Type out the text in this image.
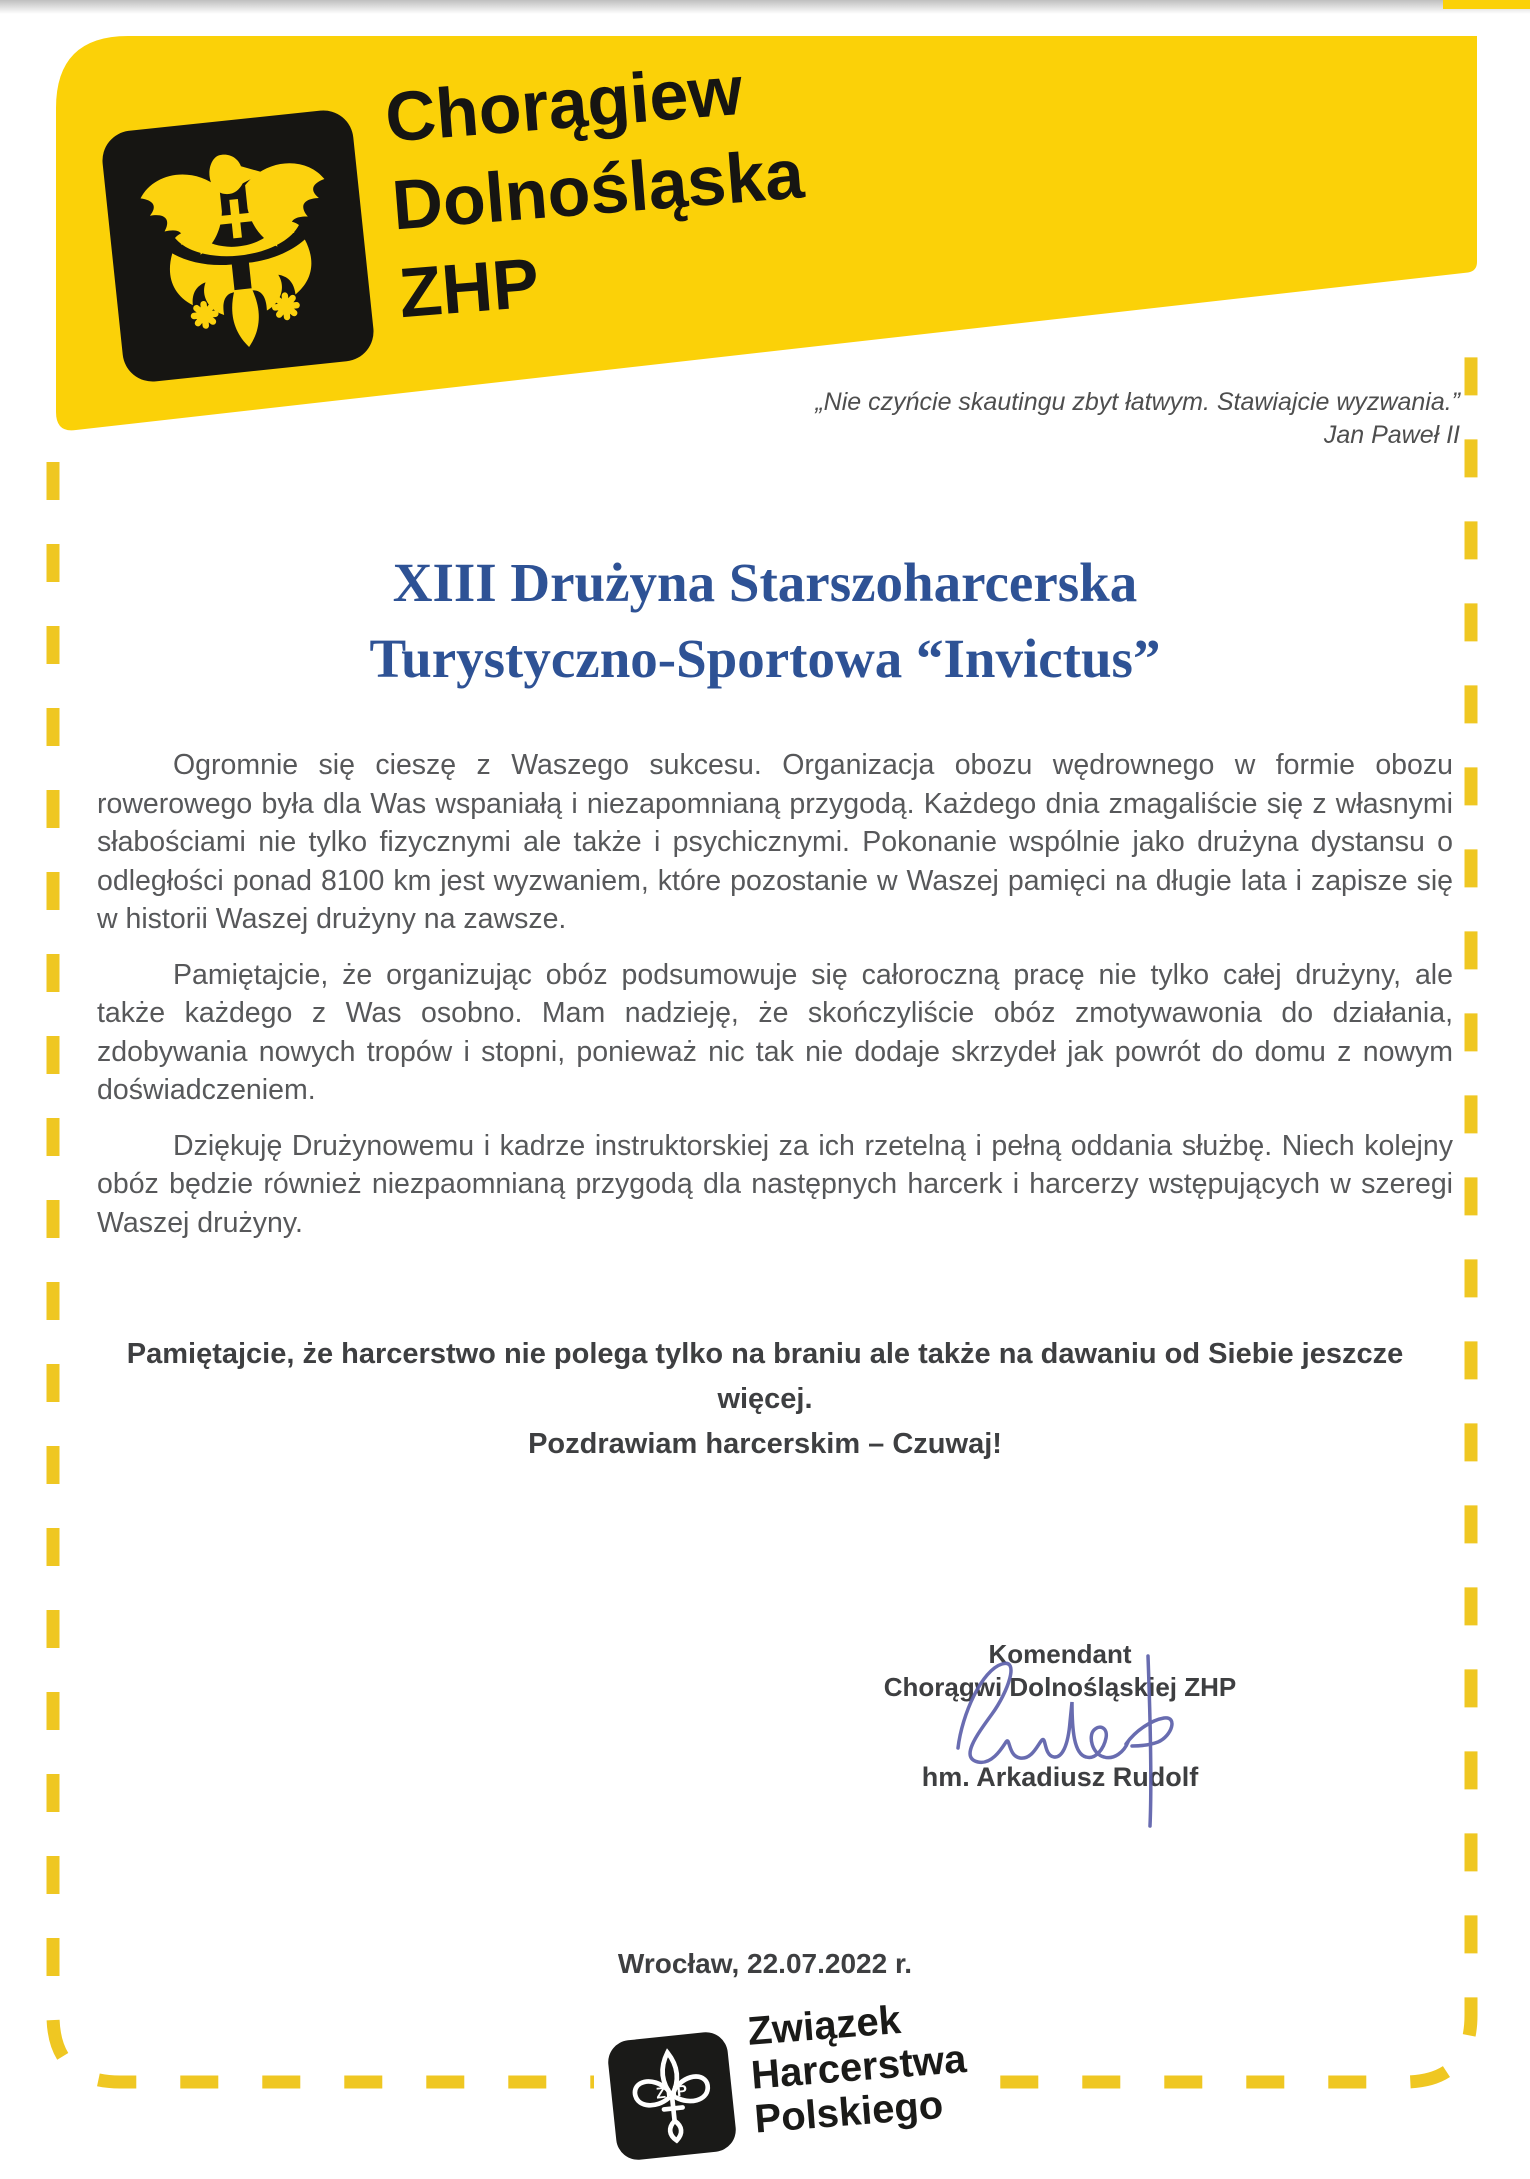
Chorągiew
Dolnośląska
ZHP
„Nie czyńcie skautingu zbyt łatwym. Stawiajcie wyzwania.”
Jan Paweł II
XIII Drużyna Starszoharcerska
Turystyczno-Sportowa “Invictus”

Ogromnie się cieszę z Waszego sukcesu. Organizacja obozu wędrownego w formie obozu rowerowego była dla Was wspaniałą i niezapomnianą przygodą. Każdego dnia zmagaliście się z własnymi słabościami nie tylko fizycznymi ale także i psychicznymi. Pokonanie wspólnie jako drużyna dystansu o odległości ponad 8100 km jest wyzwaniem, które pozostanie w Waszej pamięci na długie lata i zapisze się w historii Waszej drużyny na zawsze.

Pamiętajcie, że organizując obóz podsumowuje się całoroczną pracę nie tylko całej drużyny, ale także każdego z Was osobno. Mam nadzieję, że skończyliście obóz zmotywawonia do działania, zdobywania nowych tropów i stopni, ponieważ nic tak nie dodaje skrzydeł jak powrót do domu z nowym doświadczeniem.

Dziękuję Drużynowemu i kadrze instruktorskiej za ich rzetelną i pełną oddania służbę. Niech kolejny obóz będzie również niezpaomnianą przygodą dla następnych harcerk i harcerzy wstępujących w szeregi Waszej drużyny.

Pamiętajcie, że harcerstwo nie polega tylko na braniu ale także na dawaniu od Siebie jeszcze więcej.
Pozdrawiam harcerskim – Czuwaj!
Komendant
Chorągwi Dolnośląskiej ZHP
hm. Arkadiusz Rudolf
Wrocław, 22.07.2022 r.
ZHP
Związek
Harcerstwa
Polskiego
